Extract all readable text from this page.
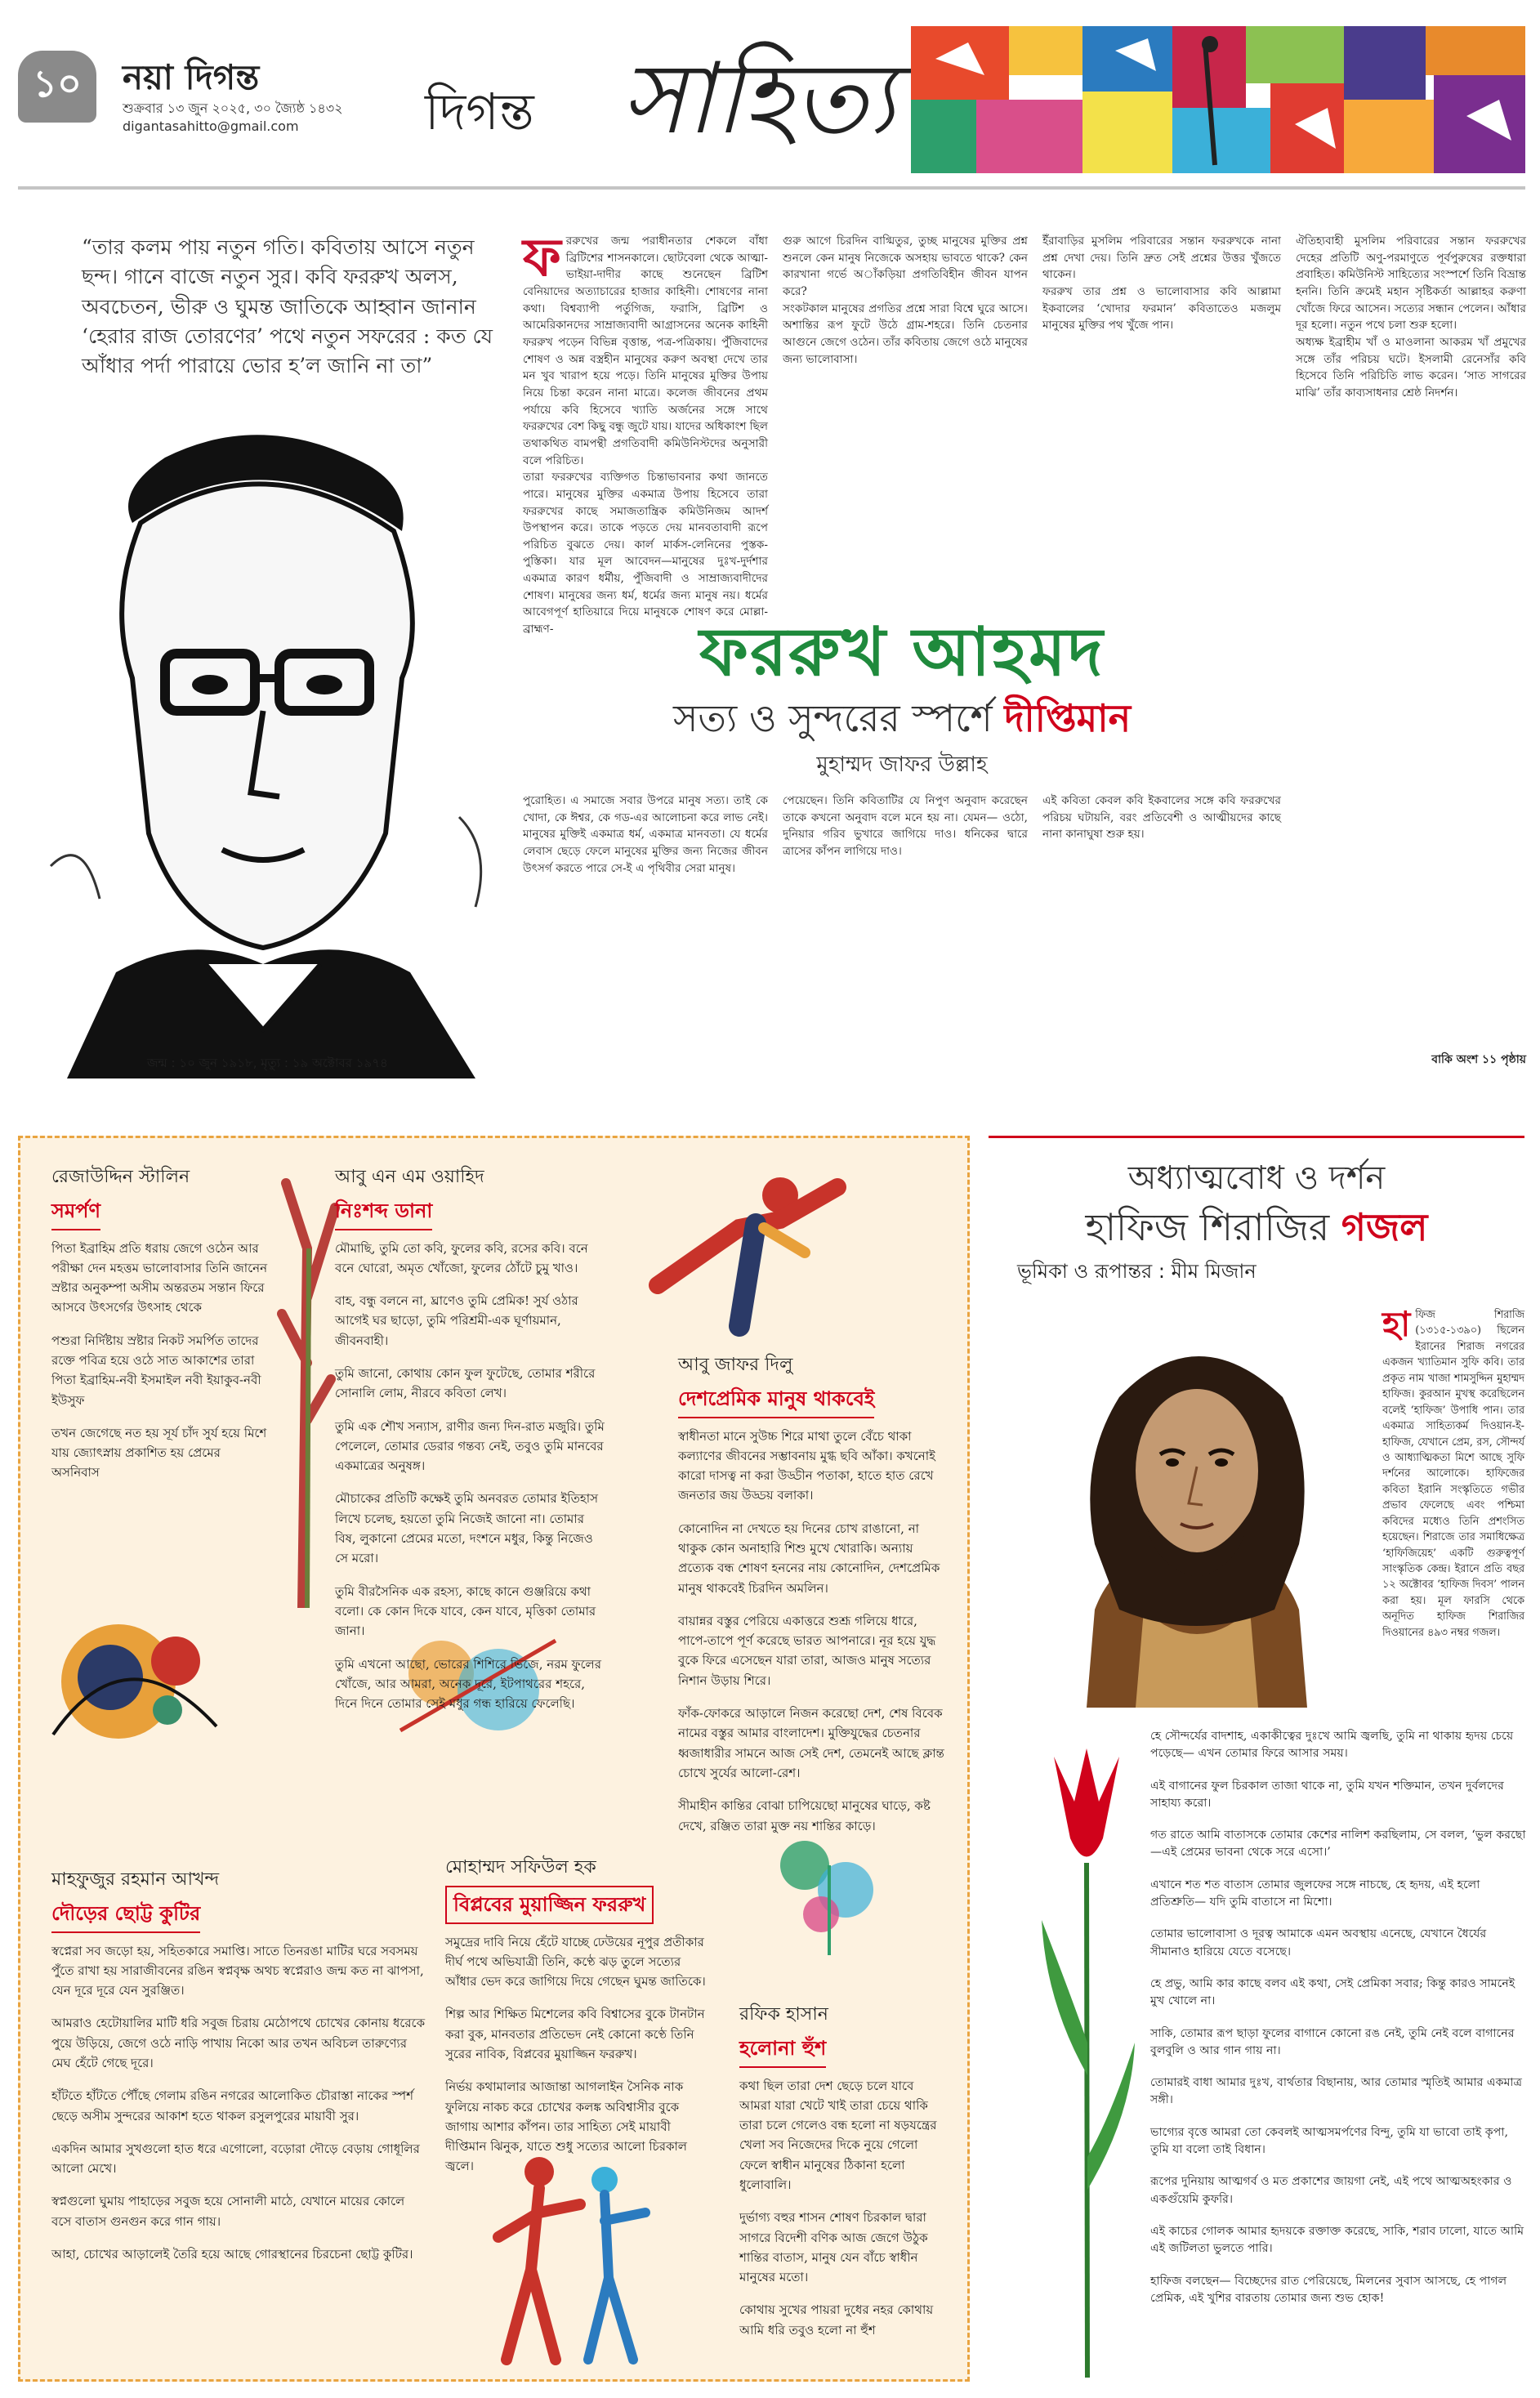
১০	নয়া দিগন্ত
শুক্রবার ১৩ জুন ২০২৫, ৩০ জ্যৈষ্ঠ ১৪৩২
digantasahitto@gmail.com দিগন্ত সাহিত্য
“তার কলম পায় নতুন গতি। কবিতায় আসে নতুন ছন্দ। গানে বাজে নতুন সুর। কবি ফররুখ অলস, অবচেতন, ভীরু ও ঘুমন্ত জাতিকে আহ্বান জানান ‘হেরার রাজ তোরণের’ পথে নতুন সফরের : কত যে আঁধার পর্দা পারায়ে ভোর হ’ল জানি না তা”
জন্ম : ১০ জুন ১৯১৮, মৃত্যু : ১৯ অক্টোবর ১৯৭৪
ফ ররুখের জন্ম পরাধীনতার শেকলে বাঁধা ব্রিটিশের শাসনকালে। ছোটবেলা থেকে আত্মা-ভাইয়া-দাদীর কাছে শুনেছেন ব্রিটিশ বেনিয়াদের অত্যাচারের হাজার কাহিনী। শোষণের নানা কথা। বিশ্বব্যাপী পর্তুগিজ, ফরাসি, ব্রিটিশ ও আমেরিকানদের সাম্রাজ্যবাদী আগ্রাসনের অনেক কাহিনী ফররুখ পড়েন বিভিন্ন বৃত্তান্ত, পত্র-পত্রিকায়। পুঁজিবাদের শোষণ ও অন্ন বস্ত্রহীন মানুষের করুণ অবস্থা দেখে তার মন খুব খারাপ হয়ে পড়ে। তিনি মানুষের মুক্তির উপায় নিয়ে চিন্তা করেন নানা মাত্রে। কলেজ জীবনের প্রথম পর্যায়ে কবি হিসেবে খ্যাতি অর্জনের সঙ্গে সাথে ফররুখের বেশ কিছু বন্ধু জুটে যায়। যাদের অধিকাংশ ছিল তথাকথিত বামপন্থী প্রগতিবাদী কমিউনিস্টদের অনুসারী বলে পরিচিত।
তারা ফররুখের ব্যক্তিগত চিন্তাভাবনার কথা জানতে পারে। মানুষের মুক্তির একমাত্র উপায় হিসেবে তারা ফররুখের কাছে সমাজতান্ত্রিক কমিউনিজম আদর্শ উপস্থাপন করে। তাকে পড়তে দেয় মানবতাবাদী রূপে পরিচিত বুঝতে দেয়। কার্ল মার্কস-লেনিনের পুস্তক-পুস্তিকা। যার মূল আবেদন—মানুষের দুঃখ-দুর্দশার একমাত্র কারণ ধর্মীয়, পুঁজিবাদী ও সাম্রাজ্যবাদীদের শোষণ। মানুষের জন্য ধর্ম, ধর্মের জন্য মানুষ নয়। ধর্মের আবেগপূর্ণ হাতিয়ারে দিয়ে মানুষকে শোষণ করে মোল্লা-ব্রাহ্মণ-
গুরু আগে চিরদিন বাগ্মিতুর, তুচ্ছ মানুষের মুক্তির প্রশ্ন শুনলে কেন মানুষ নিজেকে অসহায় ভাবতে থাকে? কেন কারখানা গর্ভে অাঁকড়িয়া প্রগতিবিহীন জীবন যাপন করে?
সংকটকাল মানুষের প্রগতির প্রশ্নে সারা বিশ্বে ঘুরে আসে। অশান্তির রূপ ফুটে উঠে গ্রাম-শহরে। তিনি চেতনার আগুনে জেগে ওঠেন। তাঁর কবিতায় জেগে ওঠে মানুষের জন্য ভালোবাসা।
ইঁরাবাড়ির মুসলিম পরিবারের সন্তান ফররুখকে নানা প্রশ্ন দেখা দেয়। তিনি দ্রুত সেই প্রশ্নের উত্তর খুঁজতে থাকেন।
ফররুখ তার প্রশ্ন ও ভালোবাসার কবি আল্লামা ইকবালের ‘খোদার ফরমান’ কবিতাতেও মজলুম মানুষের মুক্তির পথ খুঁজে পান।
ঐতিহ্যবাহী মুসলিম পরিবারের সন্তান ফররুখের দেহের প্রতিটি অণু-পরমাণুতে পূর্বপুরুষের রক্তধারা প্রবাহিত। কমিউনিস্ট সাহিত্যের সংস্পর্শে তিনি বিভ্রান্ত হননি। তিনি ক্রমেই মহান সৃষ্টিকর্তা আল্লাহর করুণা খোঁজে ফিরে আসেন। সত্যের সন্ধান পেলেন। আঁধার দূর হলো। নতুন পথে চলা শুরু হলো।
অধ্যক্ষ ইব্রাহীম খাঁ ও মাওলানা আকরম খাঁ প্রমুখের সঙ্গে তাঁর পরিচয় ঘটে। ইসলামী রেনেসাঁর কবি হিসেবে তিনি পরিচিতি লাভ করেন। ‘সাত সাগরের মাঝি’ তাঁর কাব্যসাধনার শ্রেষ্ঠ নিদর্শন।
ফররুখ আহমদ
সত্য ও সুন্দরের স্পর্শে দীপ্তিমান
মুহাম্মদ জাফর উল্লাহ
পুরোহিত। এ সমাজে সবার উপরে মানুষ সত্য। তাই কে খোদা, কে ঈশ্বর, কে গড-এর আলোচনা করে লাভ নেই। মানুষের মুক্তিই একমাত্র ধর্ম, একমাত্র মানবতা। যে ধর্মের লেবাস ছেড়ে ফেলে মানুষের মুক্তির জন্য নিজের জীবন উৎসর্গ করতে পারে সে-ই এ পৃথিবীর সেরা মানুষ।
পেয়েছেন। তিনি কবিতাটির যে নিপুণ অনুবাদ করেছেন তাকে কখনো অনুবাদ বলে মনে হয় না। যেমন— ওঠো, দুনিয়ার গরিব ভুখারে জাগিয়ে দাও। ধনিকের দ্বারে ত্রাসের কাঁপন লাগিয়ে দাও।
এই কবিতা কেবল কবি ইকবালের সঙ্গে কবি ফররুখের পরিচয় ঘটায়নি, বরং প্রতিবেশী ও আত্মীয়দের কাছে নানা কানাঘুষা শুরু হয়।
বাকি অংশ ১১ পৃষ্ঠায়
রেজাউদ্দিন স্টালিন
সমর্পণ

পিতা ইব্রাহিম প্রতি ধরায় জেগে ওঠেন আর পরীক্ষা দেন মহত্তম ভালোবাসার তিনি জানেন স্রষ্টার অনুকম্পা অসীম অন্তরতম সন্তান ফিরে আসবে উৎসর্গের উৎসাহ থেকে

পশুরা নির্দিষ্টায় স্রষ্টার নিকট সমর্পিত তাদের রক্তে পবিত্র হয়ে ওঠে সাত আকাশের তারা পিতা ইব্রাহিম-নবী ইসমাইল নবী ইয়াকুব-নবী ইউসুফ

তখন জেগেছে নত হয় সূর্য চাঁদ সুর্য হয়ে মিশে যায় জ্যোৎস্নায় প্রকাশিত হয় প্রেমের অসনিবাস

আবু এন এম ওয়াহিদ
নিঃশব্দ ডানা

মৌমাছি, তুমি তো কবি, ফুলের কবি, রসের কবি। বনে বনে ঘোরো, অমৃত খোঁজো, ফুলের ঠোঁটে চুমু খাও।

বাহ, বন্ধু বলনে না, ঘ্রাণেও তুমি প্রেমিক! সুর্য ওঠার আগেই ঘর ছাড়ো, তুমি পরিশ্রমী-এক ঘূর্ণায়মান, জীবনবাহী।

তুমি জানো, কোথায় কোন ফুল ফুটেছে, তোমার শরীরে সোনালি লোম, নীরবে কবিতা লেখ।

তুমি এক শৌখ সন্যাস, রাণীর জন্য দিন-রাত মজুরি। তুমি পেলেলে, তোমার ডেরার গন্তব্য নেই, তবুও তুমি মানবের একমাত্রের অনুষঙ্গ।

মৌচাকের প্রতিটি কক্ষেই তুমি অনবরত তোমার ইতিহাস লিখে চলেছ, হয়তো তুমি নিজেই জানো না। তোমার বিষ, লুকানো প্রেমের মতো, দংশনে মধুর, কিন্তু নিজেও সে মরো।

তুমি বীরসৈনিক এক রহস্য, কাছে কানে গুঞ্জরিয়ে কথা বলো। কে কোন দিকে যাবে, কেন যাবে, মৃত্তিকা তোমার জানা।

তুমি এখনো আছো, ভোরের শিশিরে ভিজে, নরম ফুলের খোঁজে, আর আমরা, অনেক দূরে, ইটপাথরের শহরে, দিনে দিনে তোমার সেই মধুর গন্ধ হারিয়ে ফেলেছি।

আবু জাফর দিলু
দেশপ্রেমিক মানুষ থাকবেই

স্বাধীনতা মানে সুউচ্চ শিরে মাথা তুলে বেঁচে থাকা কল্যাণের জীবনের সম্ভাবনায় মুগ্ধ ছবি আঁকা। কখনোই কারো দাসত্ব না করা উড্ডীন পতাকা, হাতে হাত রেখে জনতার জয় উড্ডয় বলাকা।

কোনোদিন না দেখতে হয় দিনের চোখ রাঙানো, না থাকুক কোন অনাহারি শিশু মুখে খোরাকি। অন্যায় প্রত্যেক বন্ধ শোষণ হননের নায় কোনোদিন, দেশপ্রেমিক মানুষ থাকবেই চিরদিন অমলিন।

বায়ান্নর বস্তুর পেরিয়ে একাত্তরে শুশ্রূ গলিয়ে ধারে, পাপে-তাপে পূর্ণ করেছে ভারত আপনারে। নূর হয়ে যুদ্ধ বুকে ফিরে এসেছেন যারা তারা, আজও মানুষ সত্যের নিশান উড়ায় শিরে।

ফাঁক-ফোকরে আড়ালে নিজন করেছো দেশ, শেষ বিবেক নামের বস্তুর আমার বাংলাদেশ। মুক্তিযুদ্ধের চেতনার ধ্বজাধারীর সামনে আজ সেই দেশ, তেমনেই আছে ক্লান্ত চোখে সুর্যের আলো-রেশ।

সীমাহীন কান্তির বোঝা চাপিয়েছো মানুষের ঘাড়ে, কষ্ট দেখে, রঞ্জিত তারা মুক্ত নয় শান্তির কাড়ে।

মাহফুজুর রহমান আখন্দ
দৌড়ের ছোট্ট কুটির

স্বপ্নেরা সব জড়ো হয়, সহিতকারে সমাপ্তি। সাতে তিনরঙা মাটির ঘরে সবসময় পুঁতে রাখা হয় সারাজীবনের রঙিন স্বপ্নবৃক্ষ অথচ স্বপ্নেরাও জন্ম কত না ঝাপসা, যেন দূরে দূরে যেন সুরঞ্জিত।

আমরাও হেটোয়ালির মাটি ধরি সবুজ চিরায় মেঠোপথে চোখের কোনায় ধরেকে পুয়ে উড়িয়ে, জেগে ওঠে নাড়ি পাখায় নিকো আর তখন অবিচল তারুণ্যের মেঘ হেঁটে গেছে দূরে।

হাঁটতে হাঁটতে পৌঁছে গেলাম রঙিন নগরের আলোকিত চৌরাস্তা নাকের স্পর্শ ছেড়ে অসীম সুন্দরের আকাশ হতে থাকল রসুলপুরের মায়াবী সুর।

একদিন আমার সুখগুলো হাত ধরে এগোলো, বড়োরা দৌড়ে বেড়ায় গোধূলির আলো মেখে।

স্বপ্নগুলো ঘুমায় পাহাড়ের সবুজ হয়ে সোনালী মাঠে, যেখানে মায়ের কোলে বসে বাতাস গুনগুন করে গান গায়।

আহা, চোখের আড়ালেই তৈরি হয়ে আছে গোরস্থানের চিরচেনা ছোট্ট কুটির।

মোহাম্মদ সফিউল হক
বিপ্লবের মুয়াজ্জিন ফররুখ

সমুদ্রের দাবি নিয়ে হেঁটে যাচ্ছে ঢেউয়ের নূপুর প্রতীকার দীর্ঘ পথে অভিযাত্রী তিনি, কণ্ঠে ঝড় তুলে সত্যের আঁধার ভেদ করে জাগিয়ে দিয়ে গেছেন ঘুমন্ত জাতিকে।

শিল্প আর শিক্ষিত মিশেলের কবি বিশ্বাসের বুকে টানটান করা বুক, মানবতার প্রতিভেদ নেই কোনো কণ্ঠে তিনি সুরের নাবিক, বিপ্লবের মুয়াজ্জিন ফররুখ।

নির্ভয় কথামালার আজান্তা আগলাইন সৈনিক নাক ফুলিয়ে নাকচ করে চোখের কলঙ্ক অবিশ্বাসীর বুকে জাগায় আশার কাঁপন। তার সাহিত্য সেই মায়াবী দীপ্তিমান ঝিনুক, যাতে শুধু সত্যের আলো চিরকাল জ্বলে।

রফিক হাসান
হলোনা হুঁশ

কথা ছিল তারা দেশ ছেড়ে চলে যাবে আমরা যারা খেটে খাই তারা চেয়ে থাকি তারা চলে গেলেও বন্ধ হলো না ষড়যন্ত্রের খেলা সব নিজেদের দিকে নুয়ে গেলো ফেলে স্বাধীন মানুষের ঠিকানা হলো ধুলোবালি।

দুর্ভাগ্য বহুর শাসন শোষণ চিরকাল দ্বারা সাগরে বিদেশী বণিক আজ জেগে উঠুক শান্তির বাতাস, মানুষ যেন বাঁচে স্বাধীন মানুষের মতো।

কোথায় সুখের পায়রা দুধের নহর কোথায় আমি ধরি তবুও হলো না হুঁশ

অধ্যাত্মবোধ ও দর্শন
হাফিজ শিরাজির গজল
ভূমিকা ও রূপান্তর : মীম মিজান
হা ফিজ শিরাজি (১৩১৫-১৩৯০) ছিলেন ইরানের শিরাজ নগরের একজন খ্যাতিমান সুফি কবি। তার প্রকৃত নাম খাজা শামসুদ্দিন মুহাম্মদ হাফিজ। কুরআন মুখস্থ করেছিলেন বলেই ‘হাফিজ’ উপাধি পান। তার একমাত্র সাহিত্যকর্ম দিওয়ান-ই-হাফিজ, যেখানে প্রেম, রস, সৌন্দর্য ও আধ্যাত্মিকতা মিশে আছে সুফি দর্শনের আলোকে। হাফিজের কবিতা ইরানি সংস্কৃতিতে গভীর প্রভাব ফেলেছে এবং পশ্চিমা কবিদের মধ্যেও তিনি প্রশংসিত হয়েছেন। শিরাজে তার সমাধিক্ষেত্র ‘হাফিজিয়েহ’ একটি গুরুত্বপূর্ণ সাংস্কৃতিক কেন্দ্র। ইরানে প্রতি বছর ১২ অক্টোবর ‘হাফিজ দিবস’ পালন করা হয়। মূল ফারসি থেকে অনূদিত হাফিজ শিরাজির দিওয়ানের ৪৯৩ নম্বর গজল।

হে সৌন্দর্যের বাদশাহ, একাকীত্বের দুঃখে আমি জ্বলছি, তুমি না থাকায় হৃদয় চেয়ে পড়েছে— এখন তোমার ফিরে আসার সময়।

এই বাগানের ফুল চিরকাল তাজা থাকে না, তুমি যখন শক্তিমান, তখন দুর্বলদের সাহায্য করো।

গত রাতে আমি বাতাসকে তোমার কেশের নালিশ করছিলাম, সে বলল, ‘ভুল করছো—এই প্রেমের ভাবনা থেকে সরে এসো।’

এখানে শত শত বাতাস তোমার জুলফের সঙ্গে নাচছে, হে হৃদয়, এই হলো প্রতিশ্রুতি— যদি তুমি বাতাসে না মিশো।

তোমার ভালোবাসা ও দূরত্ব আমাকে এমন অবস্থায় এনেছে, যেখানে ধৈর্যের সীমানাও হারিয়ে যেতে বসেছে।

হে প্রভু, আমি কার কাছে বলব এই কথা, সেই প্রেমিকা সবার; কিন্তু কারও সামনেই মুখ খোলে না।

সাকি, তোমার রূপ ছাড়া ফুলের বাগানে কোনো রঙ নেই, তুমি নেই বলে বাগানের বুলবুলি ও আর গান গায় না।

তোমারই বাধা আমার দুঃখ, বার্থতার বিছানায়, আর তোমার স্মৃতিই আমার একমাত্র সঙ্গী।

ভাগ্যের বৃত্তে আমরা তো কেবলই আত্মসমর্পণের বিন্দু, তুমি যা ভাবো তাই কৃপা, তুমি যা বলো তাই বিধান।

রূপের দুনিয়ায় আত্মগর্ব ও মত প্রকাশের জায়গা নেই, এই পথে আত্মঅহংকার ও একগুঁয়েমি কুফরি।

এই কাচের গোলক আমার হৃদয়কে রক্তাক্ত করেছে, সাকি, শরাব ঢালো, যাতে আমি এই জটিলতা ভুলতে পারি।

হাফিজ বলছেন— বিচ্ছেদের রাত পেরিয়েছে, মিলনের সুবাস আসছে, হে পাগল প্রেমিক, এই খুশির বারতায় তোমার জন্য শুভ হোক!
